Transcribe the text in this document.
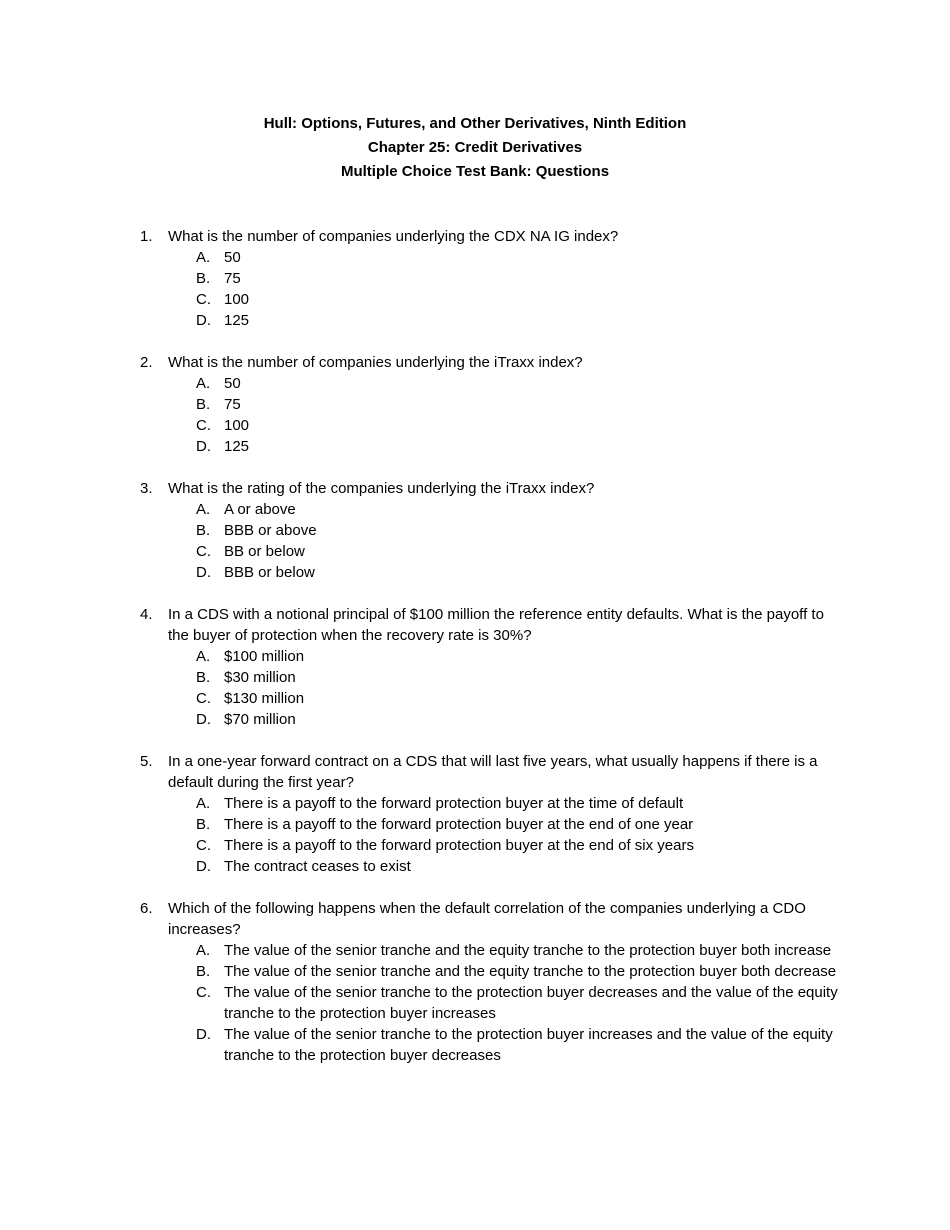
Hull: Options, Futures, and Other Derivatives, Ninth Edition
Chapter 25: Credit Derivatives
Multiple Choice Test Bank: Questions
1.	What is the number of companies underlying the CDX NA IG index?
A. 50
B. 75
C. 100
D. 125
2.	What is the number of companies underlying the iTraxx index?
A. 50
B. 75
C. 100
D. 125
3.	What is the rating of the companies underlying the iTraxx index?
A. A or above
B. BBB or above
C. BB or below
D. BBB or below
4.	In a CDS with a notional principal of $100 million the reference entity defaults. What is the payoff to the buyer of protection when the recovery rate is 30%?
A. $100 million
B. $30 million
C. $130 million
D. $70 million
5.	In a one-year forward contract on a CDS that will last five years, what usually happens if there is a default during the first year?
A. There is a payoff to the forward protection buyer at the time of default
B. There is a payoff to the forward protection buyer at the end of one year
C. There is a payoff to the forward protection buyer at the end of six years
D. The contract ceases to exist
6.	Which of the following happens when the default correlation of the companies underlying a CDO increases?
A. The value of the senior tranche and the equity tranche to the protection buyer both increase
B. The value of the senior tranche and the equity tranche to the protection buyer both decrease
C. The value of the senior tranche to the protection buyer decreases and the value of the equity tranche to the protection buyer increases
D. The value of the senior tranche to the protection buyer increases and the value of the equity tranche to the protection buyer decreases
